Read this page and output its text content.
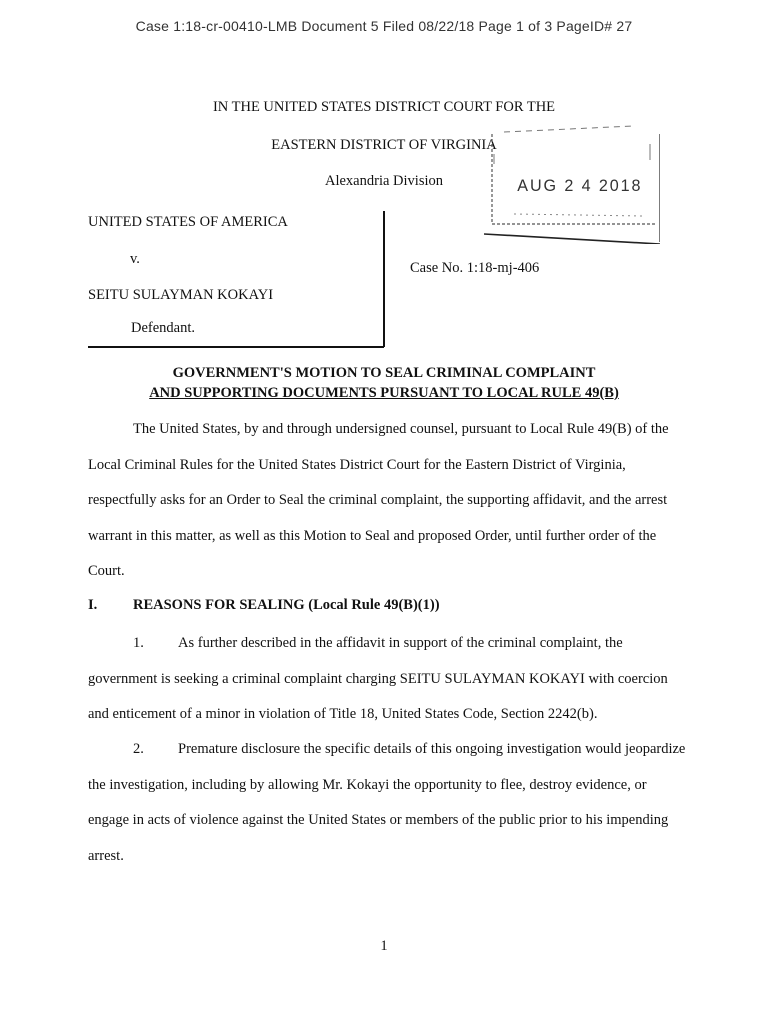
Case 1:18-cr-00410-LMB Document 5 Filed 08/22/18 Page 1 of 3 PageID# 27
IN THE UNITED STATES DISTRICT COURT FOR THE
EASTERN DISTRICT OF VIRGINIA
Alexandria Division	AUG 2 4 2018
UNITED STATES OF AMERICA
v.
SEITU SULAYMAN KOKAYI
Defendant.
Case No. 1:18-mj-406
GOVERNMENT'S MOTION TO SEAL CRIMINAL COMPLAINT
AND SUPPORTING DOCUMENTS PURSUANT TO LOCAL RULE 49(B)
The United States, by and through undersigned counsel, pursuant to Local Rule 49(B) of the Local Criminal Rules for the United States District Court for the Eastern District of Virginia, respectfully asks for an Order to Seal the criminal complaint, the supporting affidavit, and the arrest warrant in this matter, as well as this Motion to Seal and proposed Order, until further order of the Court.
I. REASONS FOR SEALING (Local Rule 49(B)(1))
1. As further described in the affidavit in support of the criminal complaint, the government is seeking a criminal complaint charging SEITU SULAYMAN KOKAYI with coercion and enticement of a minor in violation of Title 18, United States Code, Section 2242(b).
2. Premature disclosure the specific details of this ongoing investigation would jeopardize the investigation, including by allowing Mr. Kokayi the opportunity to flee, destroy evidence, or engage in acts of violence against the United States or members of the public prior to his impending arrest.
1
